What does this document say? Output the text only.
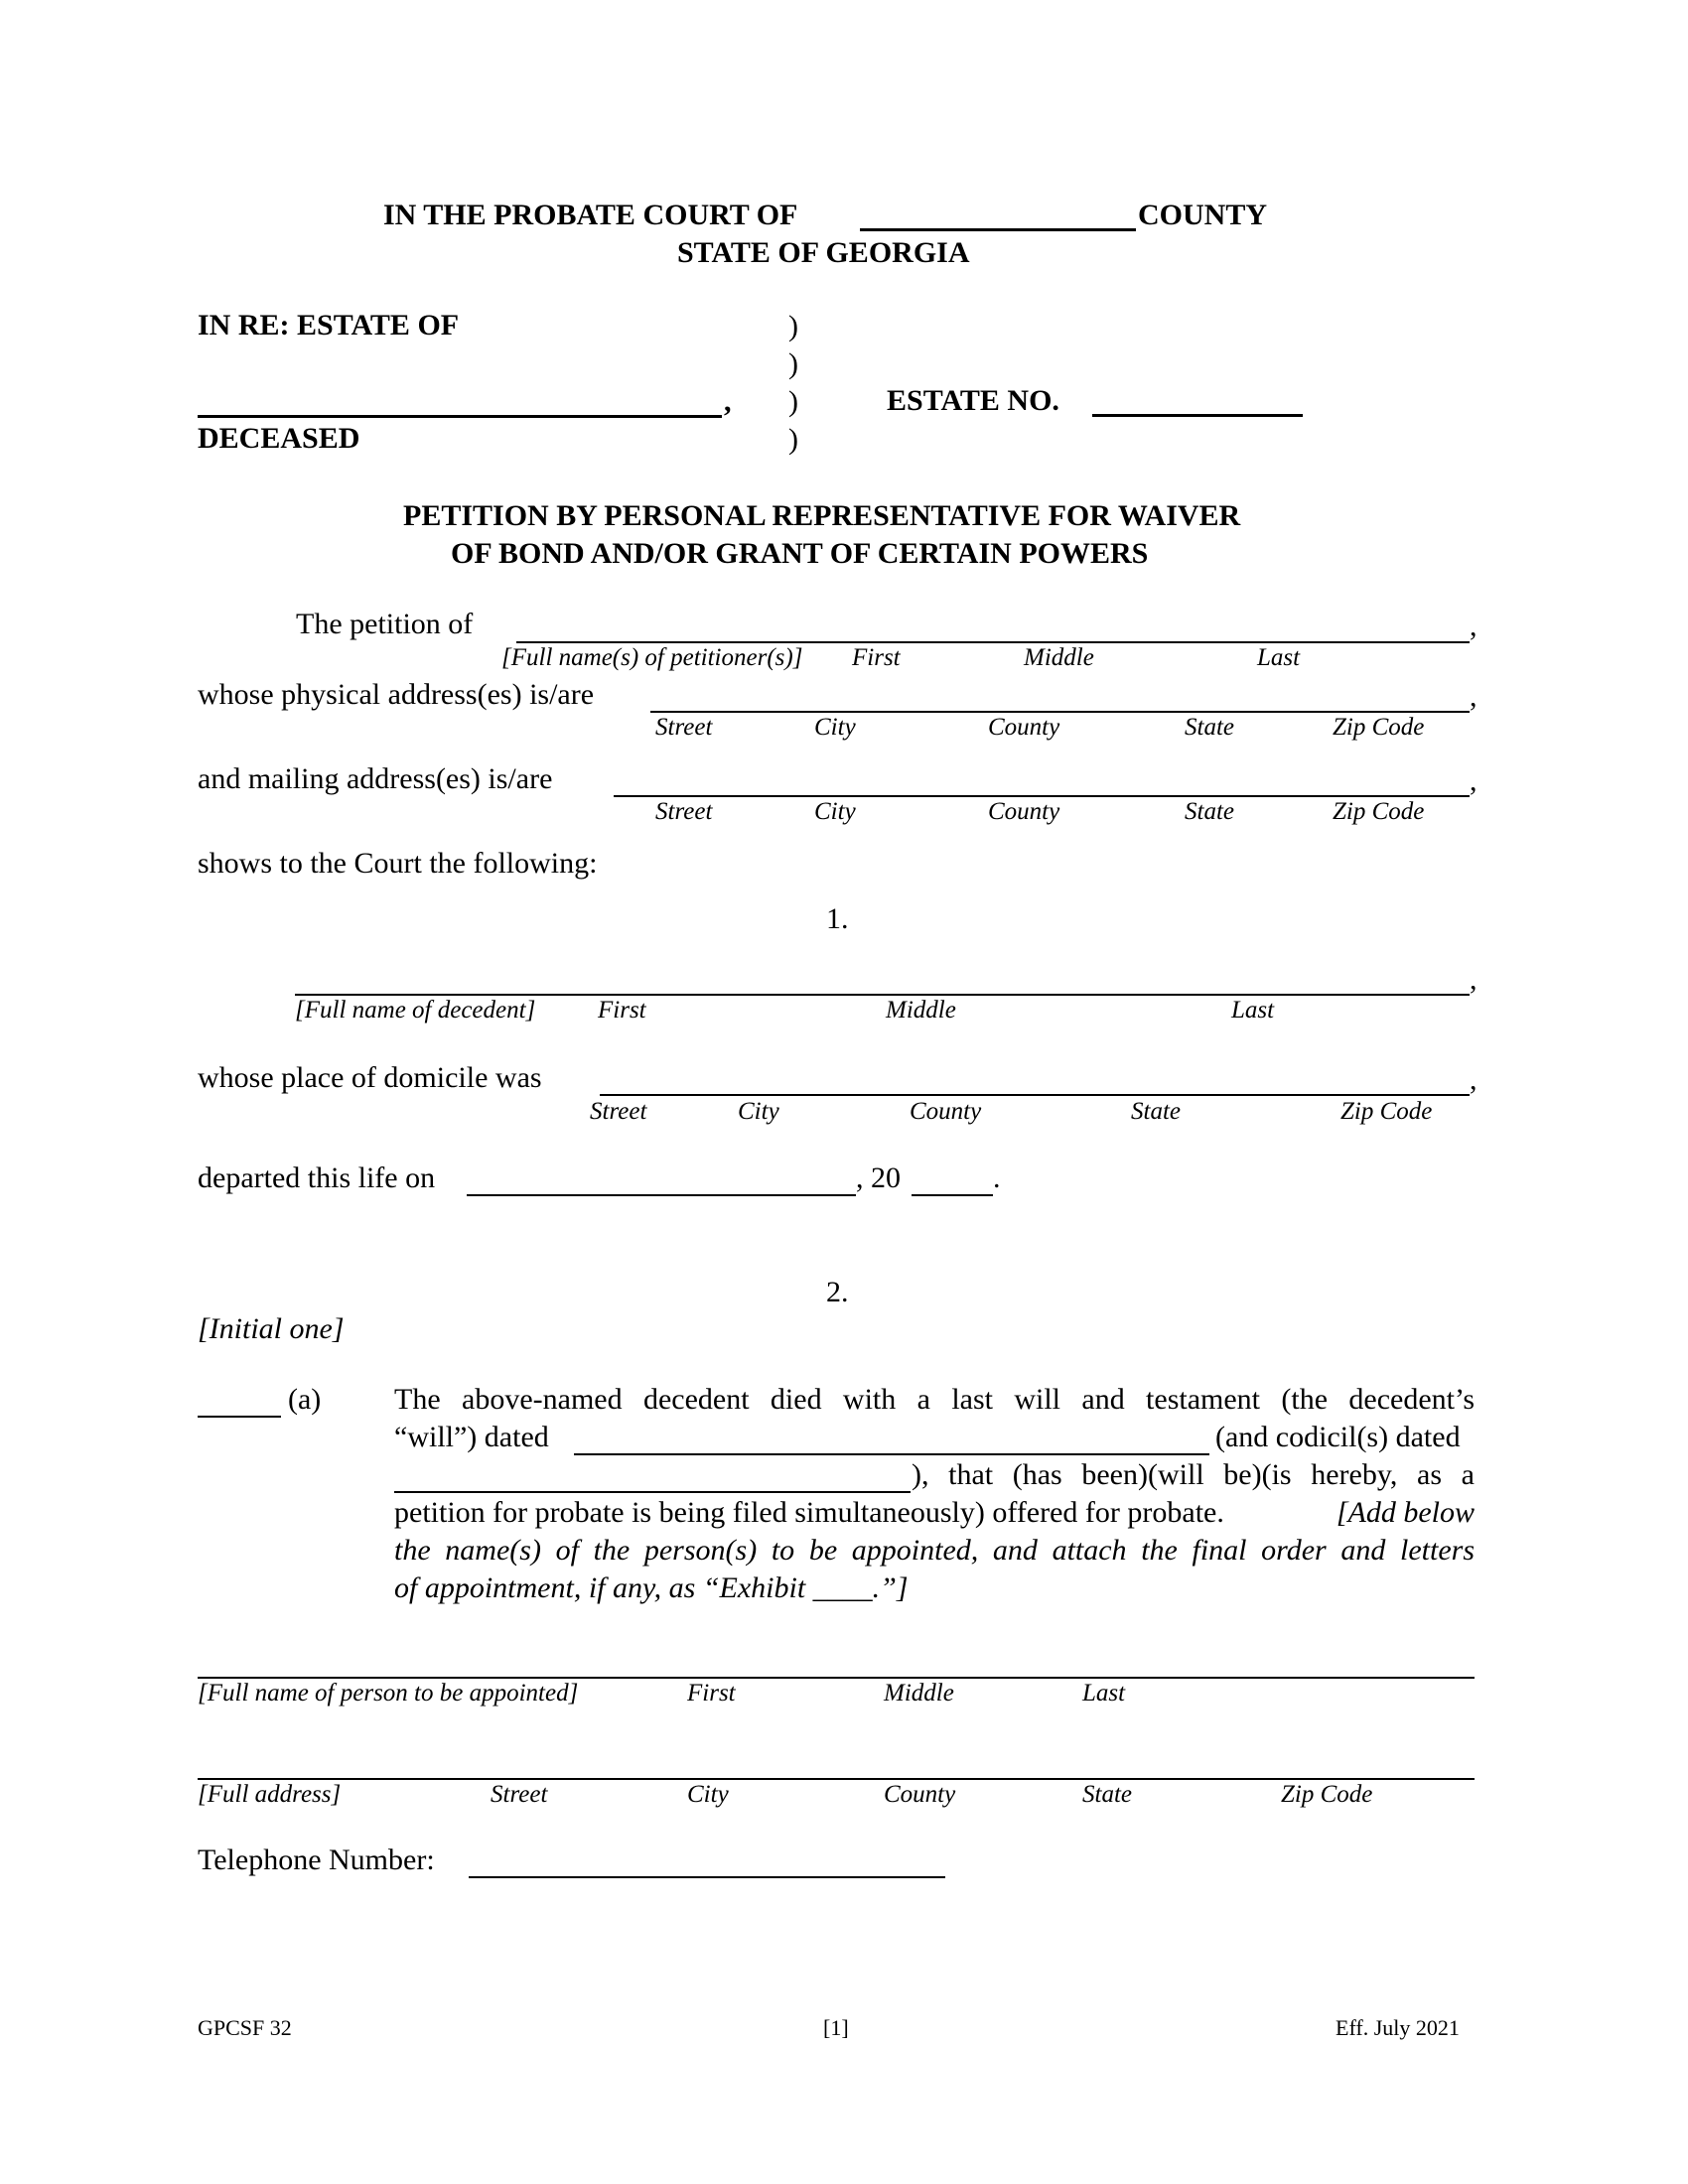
IN THE PROBATE COURT OF	COUNTY
STATE OF GEORGIA
IN RE: ESTATE OF
,
DECEASED
)
)
)
)
ESTATE NO.
PETITION BY PERSONAL REPRESENTATIVE FOR WAIVER
OF BOND AND/OR GRANT OF CERTAIN POWERS
The petition of	,
[Full name(s) of petitioner(s)] First	Middle	Last
whose physical address(es) is/are	,
Street	City	County	State	Zip Code
and mailing address(es) is/are	,
Street	City	County	State	Zip Code
shows to the Court the following:
1.
,
[Full name of decedent]	First	Middle	Last
whose place of domicile was	,
Street	City	County	State	Zip Code
departed this life on	, 20	.
2.
[Initial one]
(a) The above-named decedent died with a last will and testament (the decedent’s
“will”) dated	(and codicil(s) dated
), that (has been)(will be)(is hereby, as a
petition for probate is being filed simultaneously) offered for probate.	[Add below
the name(s) of the person(s) to be appointed, and attach the final order and letters
of appointment, if any, as “Exhibit ____.”]
[Full name of person to be appointed]	First	Middle	Last
[Full address]	Street	City	County	State	Zip Code
Telephone Number:
GPCSF 32	[1]	Eff. July 2021
